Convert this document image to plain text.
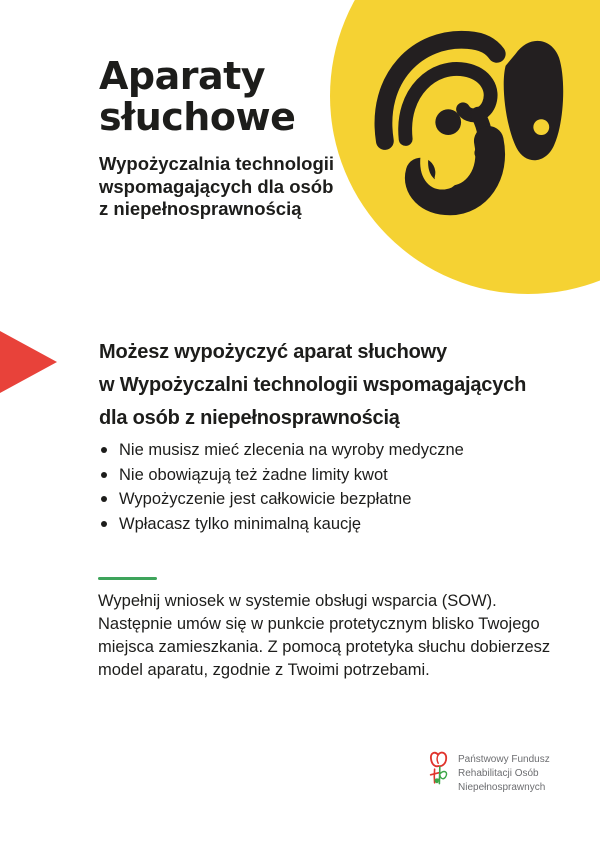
Aparaty
słuchowe
Wypożyczalnia technologii
wspomagających dla osób
z niepełnosprawnością
Możesz wypożyczyć aparat słuchowy
w Wypożyczalni technologii wspomagających
dla osób z niepełnosprawnością
Nie musisz mieć zlecenia na wyroby medyczne
Nie obowiązują też żadne limity kwot
Wypożyczenie jest całkowicie bezpłatne
Wpłacasz tylko minimalną kaucję

Wypełnij wniosek w systemie obsługi wsparcia (SOW).
Następnie umów się w punkcie protetycznym blisko Twojego
miejsca zamieszkania. Z pomocą protetyka słuchu dobierzesz
model aparatu, zgodnie z Twoimi potrzebami.

Państwowy Fundusz
Rehabilitacji Osób
Niepełnosprawnych
